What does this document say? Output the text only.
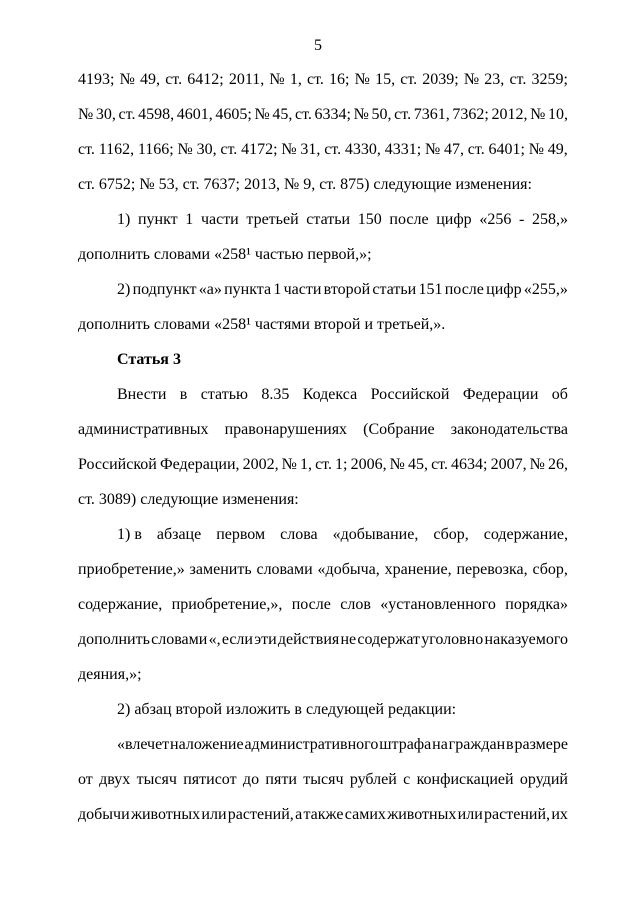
5
4193; № 49, ст. 6412; 2011, № 1, ст. 16; № 15, ст. 2039; № 23, ст. 3259;
№ 30, ст. 4598, 4601, 4605; № 45, ст. 6334; № 50, ст. 7361, 7362; 2012, № 10,
ст. 1162, 1166; № 30, ст. 4172; № 31, ст. 4330, 4331; № 47, ст. 6401; № 49,
ст. 6752; № 53, ст. 7637; 2013, № 9, ст. 875) следующие изменения:
1) пункт 1 части третьей статьи 150 после цифр «256 - 258,»
дополнить словами «258¹ частью первой,»;
2) подпункт «а» пункта 1 части второй статьи 151 после цифр «255,»
дополнить словами «258¹ частями второй и третьей,».
Статья 3
Внести в статью 8.35 Кодекса Российской Федерации об
административных правонарушениях (Собрание законодательства
Российской Федерации, 2002, № 1, ст. 1; 2006, № 45, ст. 4634; 2007, № 26,
ст. 3089) следующие изменения:
1) в абзаце первом слова «добывание, сбор, содержание,
приобретение,» заменить словами «добыча, хранение, перевозка, сбор,
содержание, приобретение,», после слов «установленного порядка»
дополнить словами «, если эти действия не содержат уголовно наказуемого
деяния,»;
2) абзац второй изложить в следующей редакции:
«влечет наложение административного штрафа на граждан в размере
от двух тысяч пятисот до пяти тысяч рублей с конфискацией орудий
добычи животных или растений, а также самих животных или растений, их
